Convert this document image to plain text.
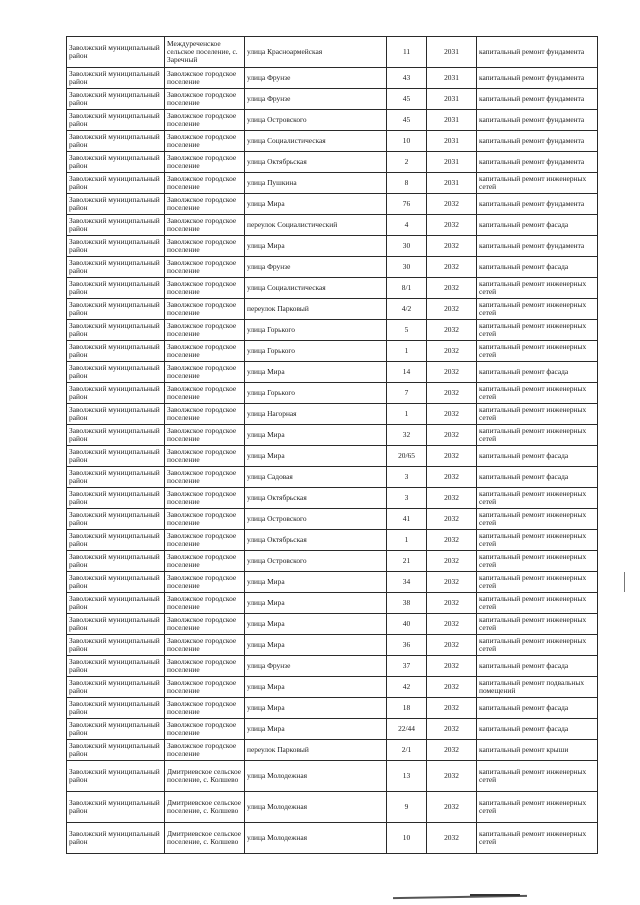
Заволжский муниципальный район	Междуреченское сельское поселение, с. Заречный	улица Красноармейская	11	2031	капитальный ремонт фундамента
Заволжский муниципальный район	Заволжское городское поселение	улица Фрунзе	43	2031	капитальный ремонт фундамента
Заволжский муниципальный район	Заволжское городское поселение	улица Фрунзе	45	2031	капитальный ремонт фундамента
Заволжский муниципальный район	Заволжское городское поселение	улица Островского	45	2031	капитальный ремонт фундамента
Заволжский муниципальный район	Заволжское городское поселение	улица Социалистическая	10	2031	капитальный ремонт фундамента
Заволжский муниципальный район	Заволжское городское поселение	улица Октябрьская	2	2031	капитальный ремонт фундамента
Заволжский муниципальный район	Заволжское городское поселение	улица Пушкина	8	2031	капитальный ремонт инженерных сетей
Заволжский муниципальный район	Заволжское городское поселение	улица Мира	76	2032	капитальный ремонт фундамента
Заволжский муниципальный район	Заволжское городское поселение	переулок Социалистический	4	2032	капитальный ремонт фасада
Заволжский муниципальный район	Заволжское городское поселение	улица Мира	30	2032	капитальный ремонт фундамента
Заволжский муниципальный район	Заволжское городское поселение	улица Фрунзе	30	2032	капитальный ремонт фасада
Заволжский муниципальный район	Заволжское городское поселение	улица Социалистическая	8/1	2032	капитальный ремонт инженерных сетей
Заволжский муниципальный район	Заволжское городское поселение	переулок Парковый	4/2	2032	капитальный ремонт инженерных сетей
Заволжский муниципальный район	Заволжское городское поселение	улица Горького	5	2032	капитальный ремонт инженерных сетей
Заволжский муниципальный район	Заволжское городское поселение	улица Горького	1	2032	капитальный ремонт инженерных сетей
Заволжский муниципальный район	Заволжское городское поселение	улица Мира	14	2032	капитальный ремонт фасада
Заволжский муниципальный район	Заволжское городское поселение	улица Горького	7	2032	капитальный ремонт инженерных сетей
Заволжский муниципальный район	Заволжское городское поселение	улица Нагорная	1	2032	капитальный ремонт инженерных сетей
Заволжский муниципальный район	Заволжское городское поселение	улица Мира	32	2032	капитальный ремонт инженерных сетей
Заволжский муниципальный район	Заволжское городское поселение	улица Мира	20/65	2032	капитальный ремонт фасада
Заволжский муниципальный район	Заволжское городское поселение	улица Садовая	3	2032	капитальный ремонт фасада
Заволжский муниципальный район	Заволжское городское поселение	улица Октябрьская	3	2032	капитальный ремонт инженерных сетей
Заволжский муниципальный район	Заволжское городское поселение	улица Островского	41	2032	капитальный ремонт инженерных сетей
Заволжский муниципальный район	Заволжское городское поселение	улица Октябрьская	1	2032	капитальный ремонт инженерных сетей
Заволжский муниципальный район	Заволжское городское поселение	улица Островского	21	2032	капитальный ремонт инженерных сетей
Заволжский муниципальный район	Заволжское городское поселение	улица Мира	34	2032	капитальный ремонт инженерных сетей
Заволжский муниципальный район	Заволжское городское поселение	улица Мира	38	2032	капитальный ремонт инженерных сетей
Заволжский муниципальный район	Заволжское городское поселение	улица Мира	40	2032	капитальный ремонт инженерных сетей
Заволжский муниципальный район	Заволжское городское поселение	улица Мира	36	2032	капитальный ремонт инженерных сетей
Заволжский муниципальный район	Заволжское городское поселение	улица Фрунзе	37	2032	капитальный ремонт фасада
Заволжский муниципальный район	Заволжское городское поселение	улица Мира	42	2032	капитальный ремонт подвальных помещений
Заволжский муниципальный район	Заволжское городское поселение	улица Мира	18	2032	капитальный ремонт фасада
Заволжский муниципальный район	Заволжское городское поселение	улица Мира	22/44	2032	капитальный ремонт фасада
Заволжский муниципальный район	Заволжское городское поселение	переулок Парковый	2/1	2032	капитальный ремонт крыши
Заволжский муниципальный район	Дмитриевское сельское поселение, с. Колшево	улица Молодежная	13	2032	капитальный ремонт инженерных сетей
Заволжский муниципальный район	Дмитриевское сельское поселение, с. Колшево	улица Молодежная	9	2032	капитальный ремонт инженерных сетей
Заволжский муниципальный район	Дмитриевское сельское поселение, с. Колшево	улица Молодежная	10	2032	капитальный ремонт инженерных сетей
